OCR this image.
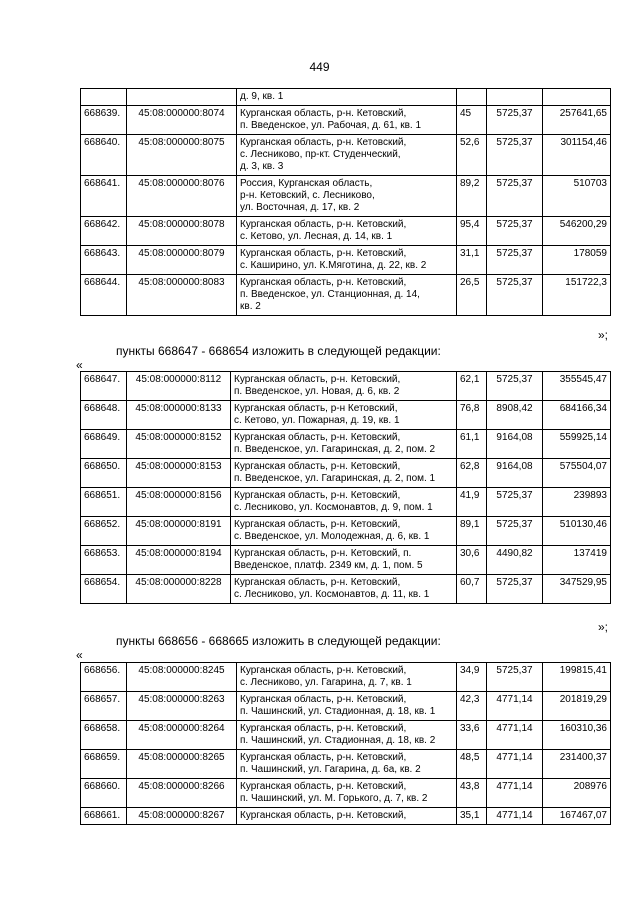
449

		д. 9, кв. 1			

668639.	45:08:000000:8074	Курганская область, р-н. Кетовский,
п. Введенское, ул. Рабочая, д. 61, кв. 1	45	5725,37	257641,65
668640.	45:08:000000:8075	Курганская область, р-н. Кетовский,
с. Лесниково, пр-кт. Студенческий,
д. 3, кв. 3	52,6	5725,37	301154,46
668641.	45:08:000000:8076	Россия, Курганская область,
р-н. Кетовский, с. Лесниково,
ул. Восточная, д. 17, кв. 2	89,2	5725,37	510703
668642.	45:08:000000:8078	Курганская область, р-н. Кетовский,
с. Кетово, ул. Лесная, д. 14, кв. 1	95,4	5725,37	546200,29
668643.	45:08:000000:8079	Курганская область, р-н. Кетовский,
с. Каширино, ул. К.Мяготина, д. 22, кв. 2	31,1	5725,37	178059
668644.	45:08:000000:8083	Курганская область, р-н. Кетовский,
п. Введенское, ул. Станционная, д. 14,
кв. 2	26,5	5725,37	151722,3
»;
пункты 668647 - 668654 изложить в следующей редакции:
«
668647.	45:08:000000:8112	Курганская область, р-н. Кетовский,
п. Введенское, ул. Новая, д. 6, кв. 2	62,1	5725,37	355545,47
668648.	45:08:000000:8133	Курганская область, р-н Кетовский,
с. Кетово, ул. Пожарная, д. 19, кв. 1	76,8	8908,42	684166,34
668649.	45:08:000000:8152	Курганская область, р-н. Кетовский,
п. Введенское, ул. Гагаринская, д. 2, пом. 2	61,1	9164,08	559925,14
668650.	45:08:000000:8153	Курганская область, р-н. Кетовский,
п. Введенское, ул. Гагаринская, д. 2, пом. 1	62,8	9164,08	575504,07
668651.	45:08:000000:8156	Курганская область, р-н. Кетовский,
с. Лесниково, ул. Космонавтов, д. 9, пом. 1	41,9	5725,37	239893
668652.	45:08:000000:8191	Курганская область, р-н. Кетовский,
с. Введенское, ул. Молодежная, д. 6, кв. 1	89,1	5725,37	510130,46
668653.	45:08:000000:8194	Курганская область, р-н. Кетовский, п.
Введенское, платф. 2349 км, д. 1, пом. 5	30,6	4490,82	137419
668654.	45:08:000000:8228	Курганская область, р-н. Кетовский,
с. Лесниково, ул. Космонавтов, д. 11, кв. 1	60,7	5725,37	347529,95
»;
пункты 668656 - 668665 изложить в следующей редакции:
«
668656.	45:08:000000:8245	Курганская область, р-н. Кетовский,
с. Лесниково, ул. Гагарина, д. 7, кв. 1	34,9	5725,37	199815,41
668657.	45:08:000000:8263	Курганская область, р-н. Кетовский,
п. Чашинский, ул. Стадионная, д. 18, кв. 1	42,3	4771,14	201819,29
668658.	45:08:000000:8264	Курганская область, р-н. Кетовский,
п. Чашинский, ул. Стадионная, д. 18, кв. 2	33,6	4771,14	160310,36
668659.	45:08:000000:8265	Курганская область, р-н. Кетовский,
п. Чашинский, ул. Гагарина, д. 6а, кв. 2	48,5	4771,14	231400,37
668660.	45:08:000000:8266	Курганская область, р-н. Кетовский,
п. Чашинский, ул. М. Горького, д. 7, кв. 2	43,8	4771,14	208976
668661.	45:08:000000:8267	Курганская область, р-н. Кетовский,	35,1	4771,14	167467,07
